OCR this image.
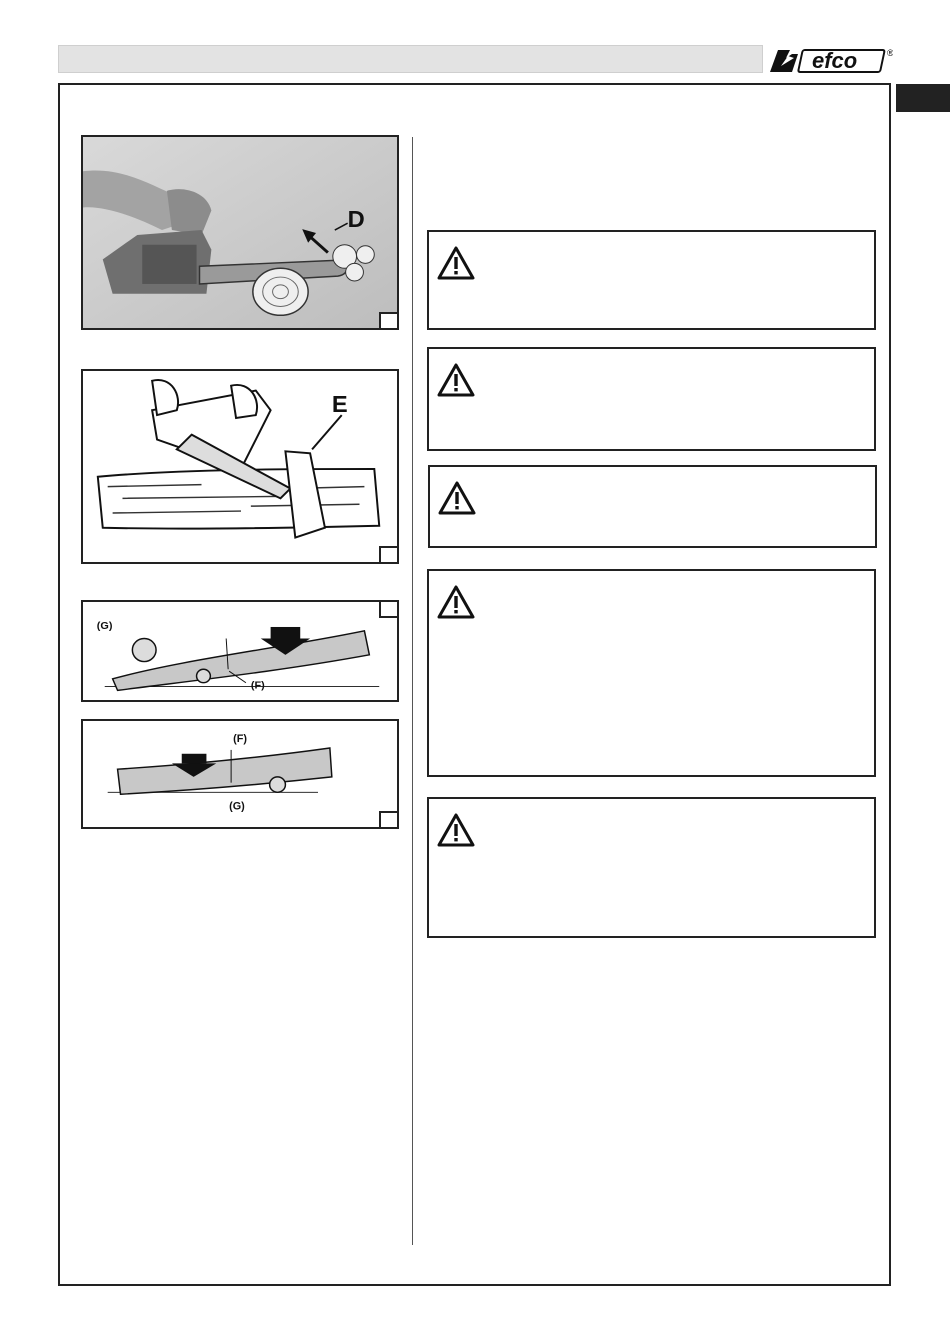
efco	®
D
E
(G)
(F)
(F)
(G)
